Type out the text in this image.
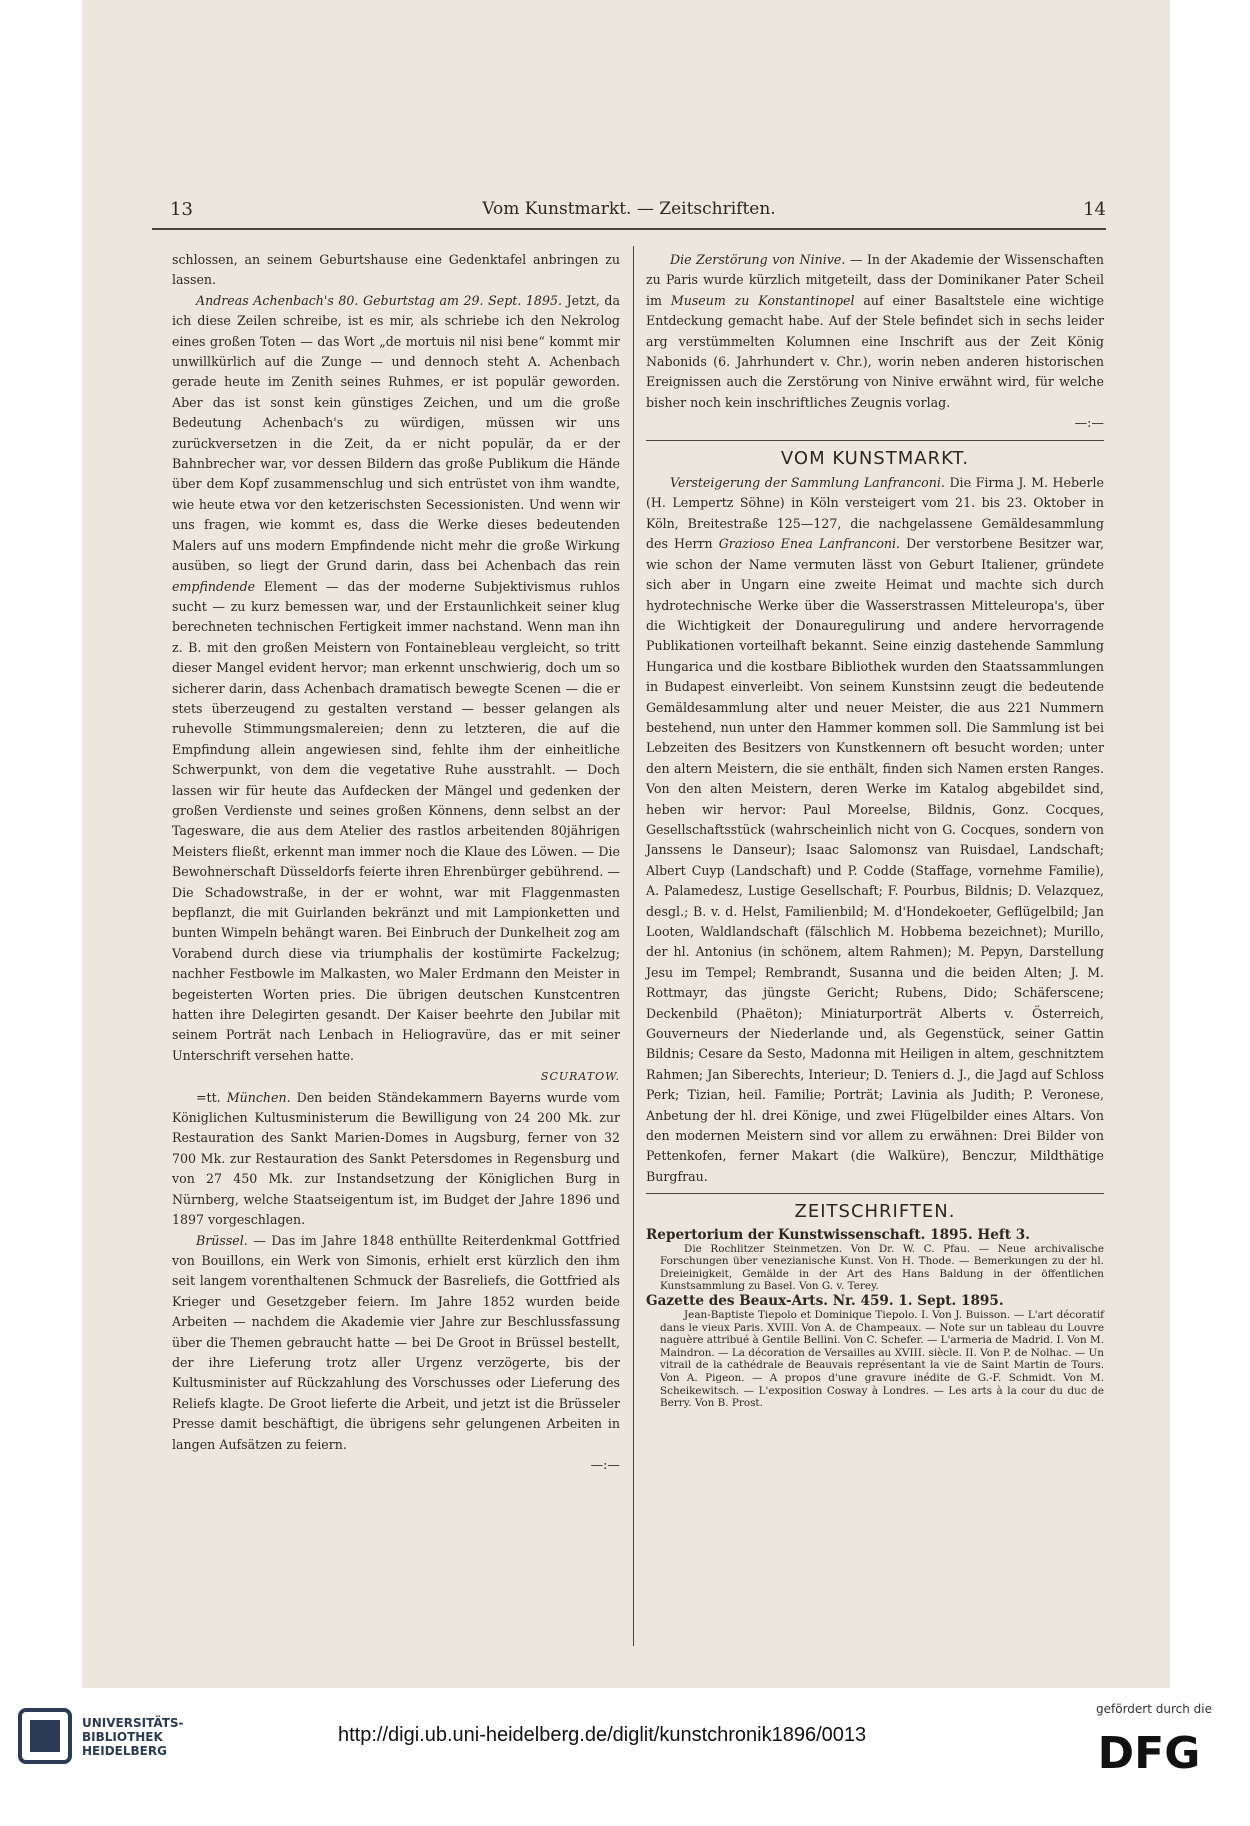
13	Vom Kunstmarkt. — Zeitschriften.	14

schlossen, an seinem Geburtshause eine Gedenktafel anbringen zu lassen.

Andreas Achenbach's 80. Geburtstag am 29. Sept. 1895. Jetzt, da ich diese Zeilen schreibe, ist es mir, als schriebe ich den Nekrolog eines großen Toten — das Wort „de mortuis nil nisi bene“ kommt mir unwillkürlich auf die Zunge — und dennoch steht A. Achenbach gerade heute im Zenith seines Ruhmes, er ist populär geworden. Aber das ist sonst kein günstiges Zeichen, und um die große Bedeutung Achenbach's zu würdigen, müssen wir uns zurückversetzen in die Zeit, da er nicht populär, da er der Bahnbrecher war, vor dessen Bildern das große Publikum die Hände über dem Kopf zusammenschlug und sich entrüstet von ihm wandte, wie heute etwa vor den ketzerischsten Secessionisten. Und wenn wir uns fragen, wie kommt es, dass die Werke dieses bedeutenden Malers auf uns modern Empfindende nicht mehr die große Wirkung ausüben, so liegt der Grund darin, dass bei Achenbach das rein empfindende Element — das der moderne Subjektivismus ruhlos sucht — zu kurz bemessen war, und der Erstaunlichkeit seiner klug berechneten technischen Fertigkeit immer nachstand. Wenn man ihn z. B. mit den großen Meistern von Fontainebleau vergleicht, so tritt dieser Mangel evident hervor; man erkennt unschwierig, doch um so sicherer darin, dass Achenbach dramatisch bewegte Scenen — die er stets überzeugend zu gestalten verstand — besser gelangen als ruhevolle Stimmungsmalereien; denn zu letzteren, die auf die Empfindung allein angewiesen sind, fehlte ihm der einheitliche Schwerpunkt, von dem die vegetative Ruhe ausstrahlt. — Doch lassen wir für heute das Aufdecken der Mängel und gedenken der großen Verdienste und seines großen Könnens, denn selbst an der Tagesware, die aus dem Atelier des rastlos arbeitenden 80jährigen Meisters fließt, erkennt man immer noch die Klaue des Löwen. — Die Bewohnerschaft Düsseldorfs feierte ihren Ehrenbürger gebührend. — Die Schadowstraße, in der er wohnt, war mit Flaggenmasten bepflanzt, die mit Guirlanden bekränzt und mit Lampionketten und bunten Wimpeln behängt waren. Bei Einbruch der Dunkelheit zog am Vorabend durch diese via triumphalis der kostümirte Fackelzug; nachher Festbowle im Malkasten, wo Maler Erdmann den Meister in begeisterten Worten pries. Die übrigen deutschen Kunstcentren hatten ihre Delegirten gesandt. Der Kaiser beehrte den Jubilar mit seinem Porträt nach Lenbach in Heliogravüre, das er mit seiner Unterschrift versehen hatte.

SCURATOW.

=tt. München. Den beiden Ständekammern Bayerns wurde vom Königlichen Kultusministerum die Bewilligung von 24 200 Mk. zur Restauration des Sankt Marien-Domes in Augsburg, ferner von 32 700 Mk. zur Restauration des Sankt Petersdomes in Regensburg und von 27 450 Mk. zur Instandsetzung der Königlichen Burg in Nürnberg, welche Staatseigentum ist, im Budget der Jahre 1896 und 1897 vorgeschlagen.

Brüssel. — Das im Jahre 1848 enthüllte Reiterdenkmal Gottfried von Bouillons, ein Werk von Simonis, erhielt erst kürzlich den ihm seit langem vorenthaltenen Schmuck der Basreliefs, die Gottfried als Krieger und Gesetzgeber feiern. Im Jahre 1852 wurden beide Arbeiten — nachdem die Akademie vier Jahre zur Beschlussfassung über die Themen gebraucht hatte — bei De Groot in Brüssel bestellt, der ihre Lieferung trotz aller Urgenz verzögerte, bis der Kultusminister auf Rückzahlung des Vorschusses oder Lieferung des Reliefs klagte. De Groot lieferte die Arbeit, und jetzt ist die Brüsseler Presse damit beschäftigt, die übrigens sehr gelungenen Arbeiten in langen Aufsätzen zu feiern.

—:—

Die Zerstörung von Ninive. — In der Akademie der Wissenschaften zu Paris wurde kürzlich mitgeteilt, dass der Dominikaner Pater Scheil im Museum zu Konstantinopel auf einer Basaltstele eine wichtige Entdeckung gemacht habe. Auf der Stele befindet sich in sechs leider arg verstümmelten Kolumnen eine Inschrift aus der Zeit König Nabonids (6. Jahrhundert v. Chr.), worin neben anderen historischen Ereignissen auch die Zerstörung von Ninive erwähnt wird, für welche bisher noch kein inschriftliches Zeugnis vorlag.

—:—

VOM KUNSTMARKT.

Versteigerung der Sammlung Lanfranconi. Die Firma J. M. Heberle (H. Lempertz Söhne) in Köln versteigert vom 21. bis 23. Oktober in Köln, Breitestraße 125—127, die nachgelassene Gemäldesammlung des Herrn Grazioso Enea Lanfranconi. Der verstorbene Besitzer war, wie schon der Name vermuten lässt von Geburt Italiener, gründete sich aber in Ungarn eine zweite Heimat und machte sich durch hydrotechnische Werke über die Wasserstrassen Mitteleuropa's, über die Wichtigkeit der Donauregulirung und andere hervorragende Publikationen vorteilhaft bekannt. Seine einzig dastehende Sammlung Hungarica und die kostbare Bibliothek wurden den Staatssammlungen in Budapest einverleibt. Von seinem Kunstsinn zeugt die bedeutende Gemäldesammlung alter und neuer Meister, die aus 221 Nummern bestehend, nun unter den Hammer kommen soll. Die Sammlung ist bei Lebzeiten des Besitzers von Kunstkennern oft besucht worden; unter den altern Meistern, die sie enthält, finden sich Namen ersten Ranges. Von den alten Meistern, deren Werke im Katalog abgebildet sind, heben wir hervor: Paul Moreelse, Bildnis, Gonz. Cocques, Gesellschaftsstück (wahrscheinlich nicht von G. Cocques, sondern von Janssens le Danseur); Isaac Salomonsz van Ruisdael, Landschaft; Albert Cuyp (Landschaft) und P. Codde (Staffage, vornehme Familie), A. Palamedesz, Lustige Gesellschaft; F. Pourbus, Bildnis; D. Velazquez, desgl.; B. v. d. Helst, Familienbild; M. d'Hondekoeter, Geflügelbild; Jan Looten, Waldlandschaft (fälschlich M. Hobbema bezeichnet); Murillo, der hl. Antonius (in schönem, altem Rahmen); M. Pepyn, Darstellung Jesu im Tempel; Rembrandt, Susanna und die beiden Alten; J. M. Rottmayr, das jüngste Gericht; Rubens, Dido; Schäferscene; Deckenbild (Phaëton); Miniaturporträt Alberts v. Österreich, Gouverneurs der Niederlande und, als Gegenstück, seiner Gattin Bildnis; Cesare da Sesto, Madonna mit Heiligen in altem, geschnitztem Rahmen; Jan Siberechts, Interieur; D. Teniers d. J., die Jagd auf Schloss Perk; Tizian, heil. Familie; Porträt; Lavinia als Judith; P. Veronese, Anbetung der hl. drei Könige, und zwei Flügelbilder eines Altars. Von den modernen Meistern sind vor allem zu erwähnen: Drei Bilder von Pettenkofen, ferner Makart (die Walküre), Benczur, Mildthätige Burgfrau.

ZEITSCHRIFTEN.

Repertorium der Kunstwissenschaft. 1895. Heft 3.

Die Rochlitzer Steinmetzen. Von Dr. W. C. Pfau. — Neue archivalische Forschungen über venezianische Kunst. Von H. Thode. — Bemerkungen zu der hl. Dreieinigkeit, Gemälde in der Art des Hans Baldung in der öffentlichen Kunstsammlung zu Basel. Von G. v. Terey.

Gazette des Beaux-Arts. Nr. 459. 1. Sept. 1895.

Jean-Baptiste Tiepolo et Dominique Tiepolo. I. Von J. Buisson. — L'art décoratif dans le vieux Paris. XVIII. Von A. de Champeaux. — Note sur un tableau du Louvre naguère attribué à Gentile Bellini. Von C. Schefer. — L'armeria de Madrid. I. Von M. Maindron. — La décoration de Versailles au XVIII. siècle. II. Von P. de Nolhac. — Un vitrail de la cathédrale de Beauvais représentant la vie de Saint Martin de Tours. Von A. Pigeon. — A propos d'une gravure inédite de G.-F. Schmidt. Von M. Scheikewitsch. — L'exposition Cosway à Londres. — Les arts à la cour du duc de Berry. Von B. Prost.

UNIVERSITÄTS-
BIBLIOTHEK
HEIDELBERG
http://digi.ub.uni-heidelberg.de/diglit/kunstchronik1896/0013
gefördert durch die
DFG
